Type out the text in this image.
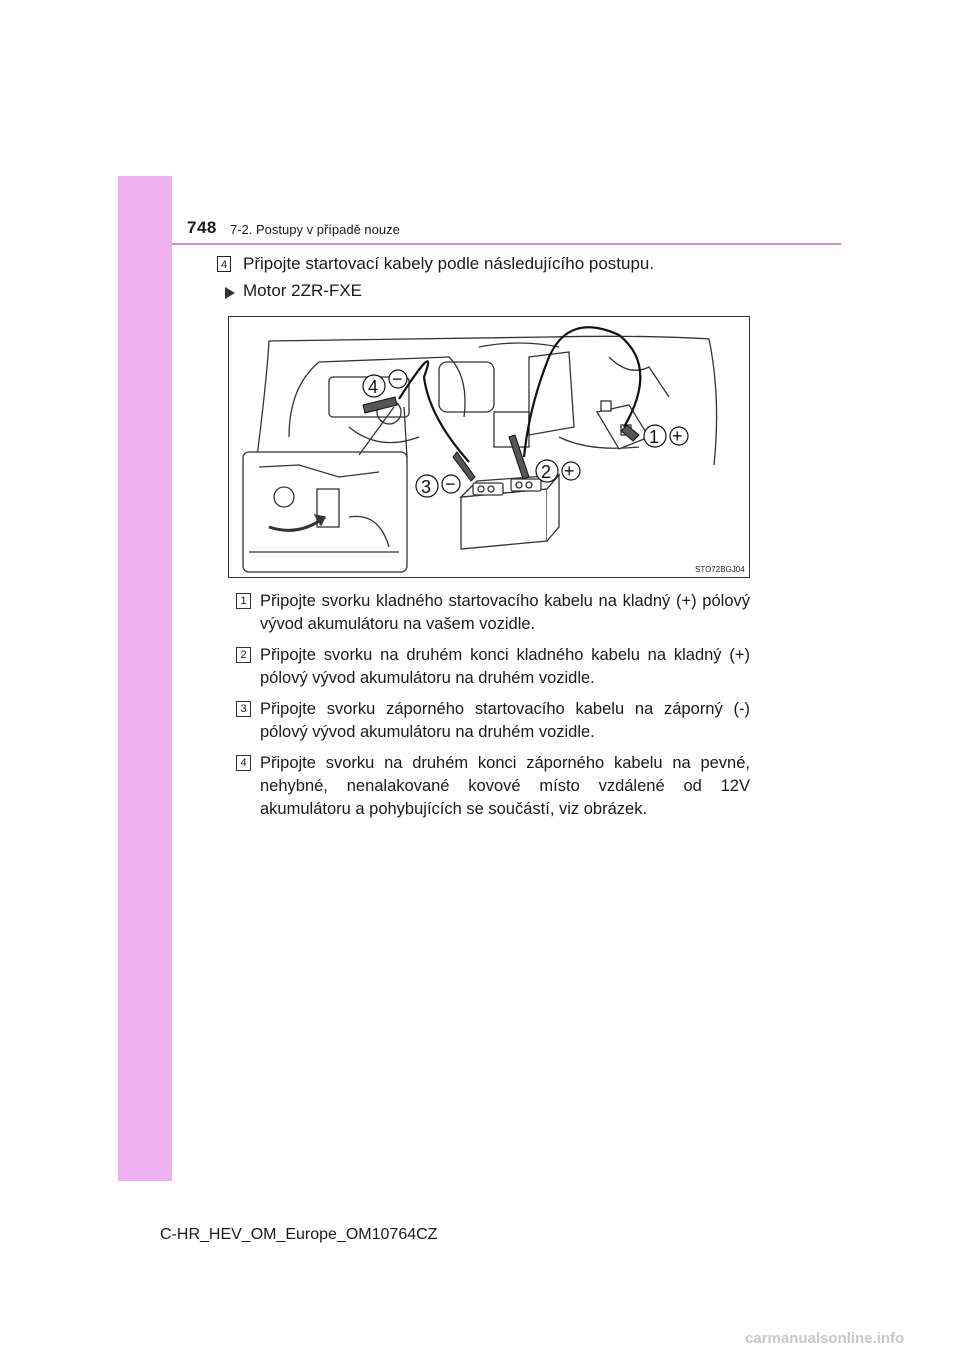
748 7-2. Postupy v případě nouze
4 Připojte startovací kabely podle následujícího postupu.
Motor 2ZR-FXE
1 +
2 +
3 −
4 −
STO72BGJ04
1 Připojte svorku kladného startovacího kabelu na kladný (+) pólový vývod akumulátoru na vašem vozidle.
2 Připojte svorku na druhém konci kladného kabelu na kladný (+) pólový vývod akumulátoru na druhém vozidle.
3 Připojte svorku záporného startovacího kabelu na záporný (-) pólový vývod akumulátoru na druhém vozidle.
4 Připojte svorku na druhém konci záporného kabelu na pevné, nehybné, nenalakované kovové místo vzdálené od 12V akumulátoru a pohybujících se součástí, viz obrázek.
C-HR_HEV_OM_Europe_OM10764CZ
carmanualsonline.info
